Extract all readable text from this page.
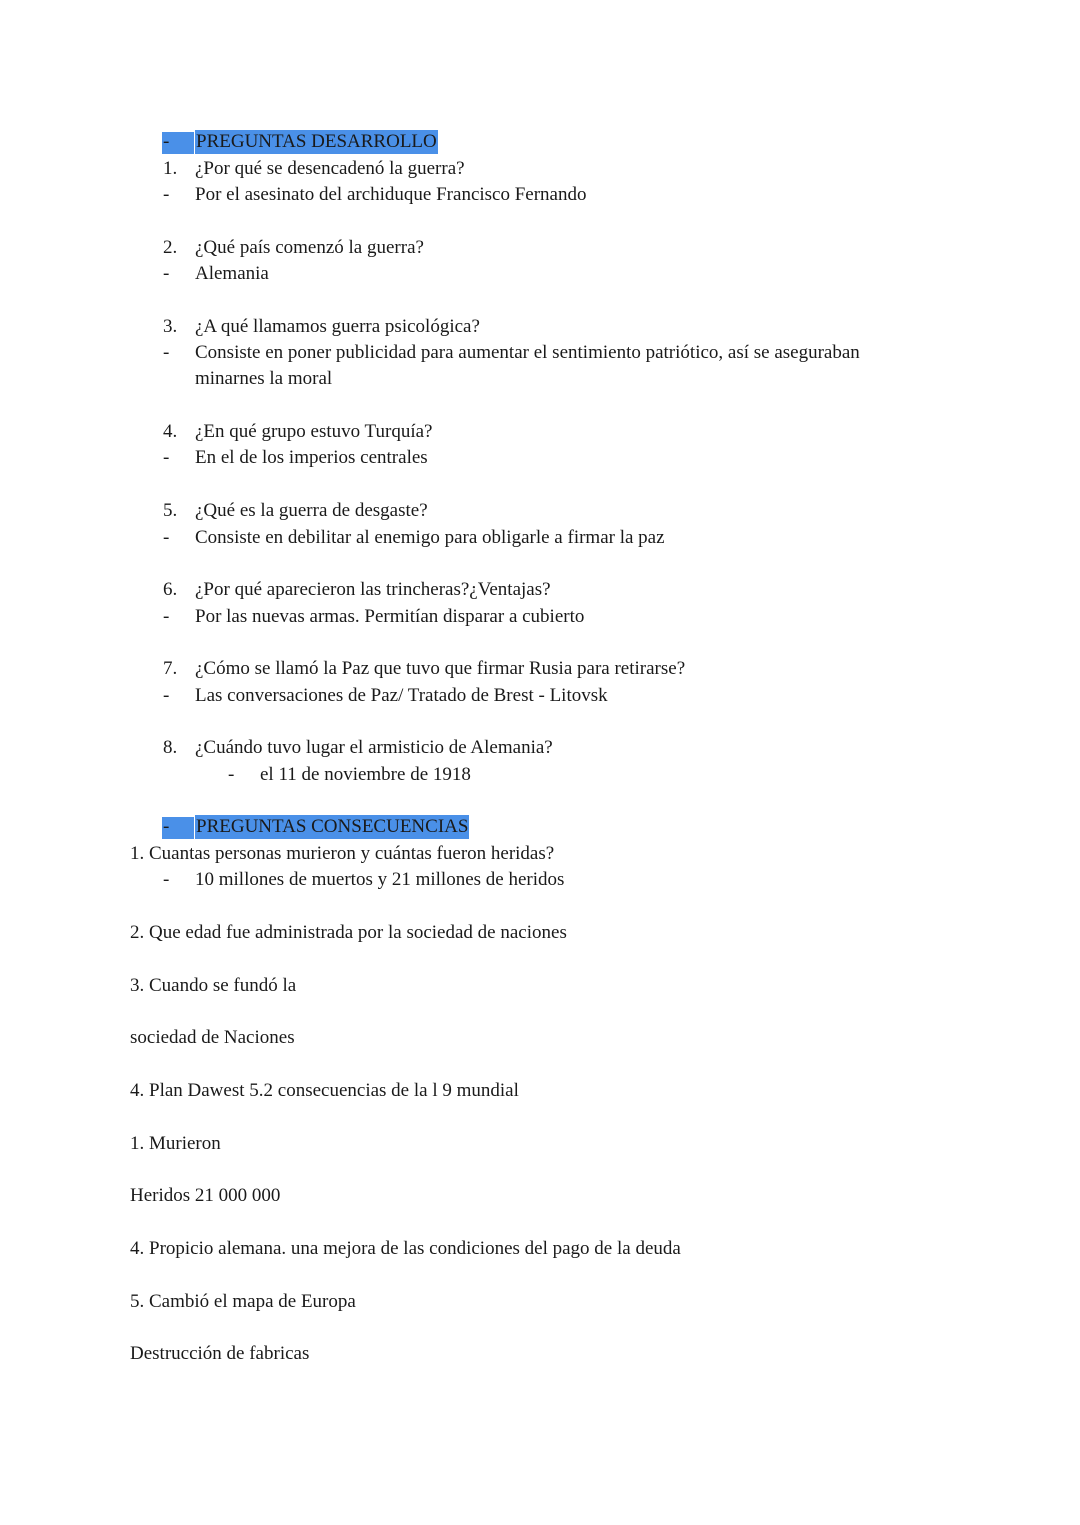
- PREGUNTAS DESARROLLO
1. ¿Por qué se desencadenó la guerra?
- Por el asesinato del archiduque Francisco Fernando
2. ¿Qué país comenzó la guerra?
- Alemania
3. ¿A qué llamamos guerra psicológica?
- Consiste en poner publicidad para aumentar el sentimiento patriótico, así se aseguraban
minarnes la moral
4. ¿En qué grupo estuvo Turquía?
- En el de los imperios centrales
5. ¿Qué es la guerra de desgaste?
- Consiste en debilitar al enemigo para obligarle a firmar la paz
6. ¿Por qué aparecieron las trincheras?¿Ventajas?
- Por las nuevas armas. Permitían disparar a cubierto
7. ¿Cómo se llamó la Paz que tuvo que firmar Rusia para retirarse?
- Las conversaciones de Paz/ Tratado de Brest - Litovsk
8. ¿Cuándo tuvo lugar el armisticio de Alemania?
- el 11 de noviembre de 1918
- PREGUNTAS CONSECUENCIAS
1. Cuantas personas murieron y cuántas fueron heridas?
- 10 millones de muertos y 21 millones de heridos
2. Que edad fue administrada por la sociedad de naciones
3. Cuando se fundó la
sociedad de Naciones
4. Plan Dawest 5.2 consecuencias de la l 9 mundial
1. Murieron
Heridos 21 000 000
4. Propicio alemana. una mejora de las condiciones del pago de la deuda
5. Cambió el mapa de Europa
Destrucción de fabricas
